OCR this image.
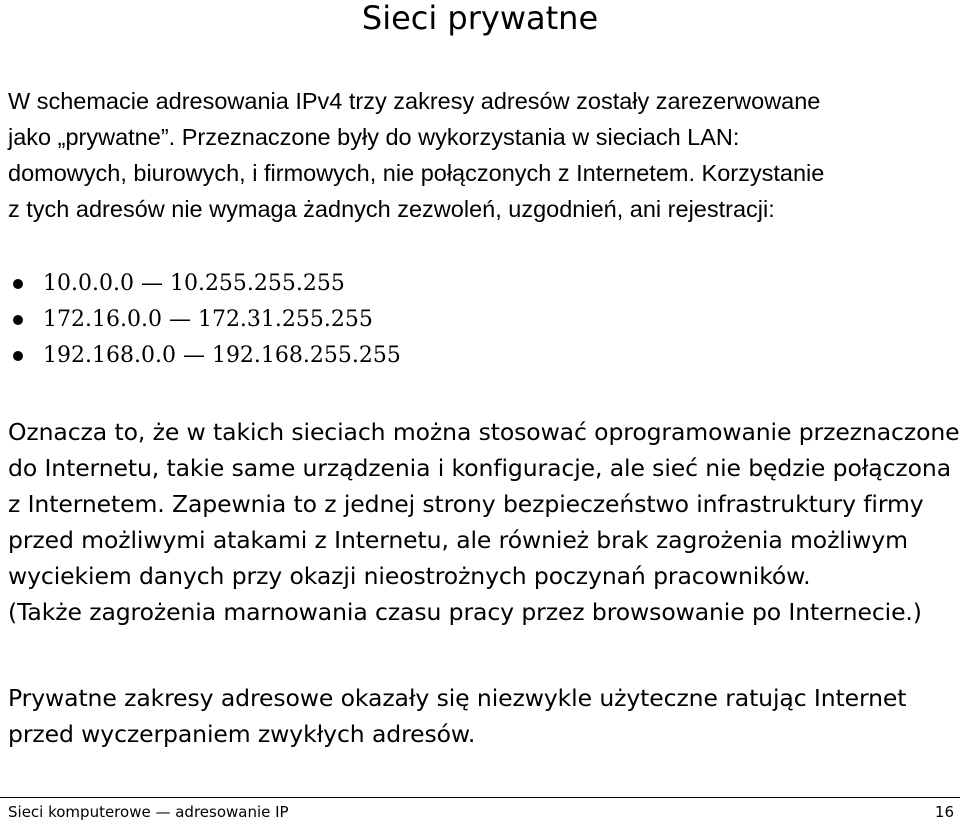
Sieci prywatne
W schemacie adresowania IPv4 trzy zakresy adresów zostały zarezerwowane
jako „prywatne”. Przeznaczone były do wykorzystania w sieciach LAN:
domowych, biurowych, i firmowych, nie połączonych z Internetem. Korzystanie
z tych adresów nie wymaga żadnych zezwoleń, uzgodnień, ani rejestracji:
10.0.0.0 — 10.255.255.255
172.16.0.0 — 172.31.255.255
192.168.0.0 — 192.168.255.255
Oznacza to, że w takich sieciach można stosować oprogramowanie przeznaczone
do Internetu, takie same urządzenia i konfiguracje, ale sieć nie będzie połączona
z Internetem. Zapewnia to z jednej strony bezpieczeństwo infrastruktury firmy
przed możliwymi atakami z Internetu, ale również brak zagrożenia możliwym
wyciekiem danych przy okazji nieostrożnych poczynań pracowników.
(Także zagrożenia marnowania czasu pracy przez browsowanie po Internecie.)
Prywatne zakresy adresowe okazały się niezwykle użyteczne ratując Internet
przed wyczerpaniem zwykłych adresów.
Sieci komputerowe — adresowanie IP	16
